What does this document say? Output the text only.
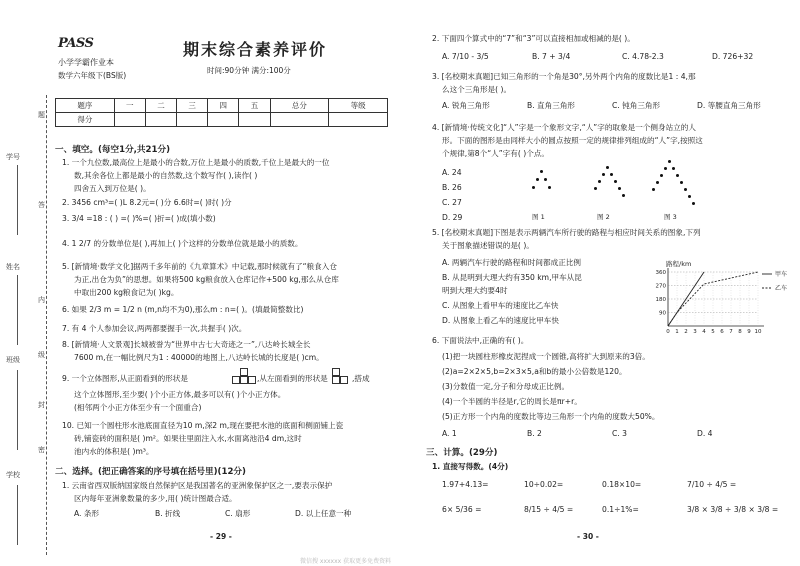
PASS
小学学霸作业本
数学六年级下(BS版)
期末综合素养评价
时间:90分钟 满分:100分
题序	一	二	三	四	五	总分	等级
得分							
题
学号
答
姓名
内
班级
级
封
密
学校
一、填空。(每空1分,共21分)
1. 一个九位数,最高位上是最小的合数,万位上是最小的质数,千位上是最大的一位
数,其余各位上都是最小的自然数,这个数写作( ),读作( )
四舍五入到万位是( )。
2. 3456 cm³=( )L 8.2元=( )分 6.6时=( )时( )分
3. 3/4 =18 : ( ) =( )%=( )折=( )成(填小数)
4. 1 2/7 的分数单位是( ),再加上( )个这样的分数单位就是最小的质数。
5. [新情境·数学文化]据两千多年前的《九章算术》中记载,那时候就有了“粮食入仓
为正,出仓为负”的思想。如果将500 kg粮食放入仓库记作+500 kg,那么从仓库
中取出200 kg粮食记为( )kg。
6. 如果 2/3 m = 1/2 n (m,n均不为0),那么m : n=( )。(填最简整数比)
7. 有 4 个人参加会议,两两都要握手一次,共握手( )次。
8. [新情境·人文景观]长城被誉为“世界中古七大奇迹之一”,八达岭长城全长
7600 m,在一幅比例尺为1 : 40000的地图上,八达岭长城的长度是( )cm。
9. 一个立体图形,从正面看到的形状是	,从左面看到的形状是	,搭成
这个立体图形,至少要( )个小正方体,最多可以有( )个小正方体。
(相邻两个小正方体至少有一个面重合)
10. 已知一个圆柱形水池底面直径为10 m,深2 m,现在要把水池的底面和侧面铺上瓷
砖,铺瓷砖的面积是( )m²。如果往里面注入水,水面离池沿4 dm,这时
池内水的体积是( )m³。
二、选择。(把正确答案的序号填在括号里)(12分)
1. 云南省西双版纳国家级自然保护区是我国著名的亚洲象保护区之一,要表示保护
区内每年亚洲象数量的多少,用( )统计图最合适。
A. 条形	B. 折线	C. 扇形	D. 以上任意一种
- 29 -
2. 下面四个算式中的“7”和“3”可以直接相加或相减的是( )。
A. 7/10 - 3/5	B. 7 + 3/4	C. 4.78-2.3	D. 726+32
3. [名校期末真题]已知三角形的一个角是30°,另外两个内角的度数比是1 : 4,那
么这个三角形是( )。
A. 锐角三角形	B. 直角三角形	C. 钝角三角形	D. 等腰直角三角形
4. [新情境·传统文化]“人”字是一个象形文字,“人”字的取象是一个侧身站立的人
形。下面的图形是由同样大小的圆点按照一定的规律排列组成的“人”字,按照这
个规律,第8个“人”字有( )个点。
A. 24
B. 26
C. 27
D. 29	图 1	图 2	图 3
5. [名校期末真题]下图是表示两辆汽车所行驶的路程与相应时间关系的图象,下列
关于图象描述错误的是( )。
A. 两辆汽车行驶的路程和时间都成正比例
B. 从昆明到大理大约有350 km,甲车从昆
明到大理大约要4时
C. 从图象上看甲车的速度比乙车快
D. 从图象上看乙车的速度比甲车快
路程/km
90
180
270
360
0 1 2 3 4 5 6 7 8 9 10
甲车
乙车
6. 下面说法中,正确的有( )。
(1)把一块圆柱形橡皮泥捏成一个圆锥,高将扩大到原来的3倍。
(2)a=2×2×5,b=2×3×5,a和b的最小公倍数是120。
(3)分数值一定,分子和分母成正比例。
(4)一个半圆的半径是r,它的周长是πr+r。
(5)正方形一个内角的度数比等边三角形一个内角的度数大50%。
A. 1	B. 2	C. 3	D. 4
三、计算。(29分)
1. 直接写得数。(4分)
1.97+4.13=	10÷0.02=	0.18×10=	7/10 ÷ 4/5 =
6× 5/36 =	8/15 ÷ 4/5 =	0.1÷1%=	3/8 × 3/8 ÷ 3/8 × 3/8 =
- 30 -
微信搜 xxxxxx 获取更多免费资料
